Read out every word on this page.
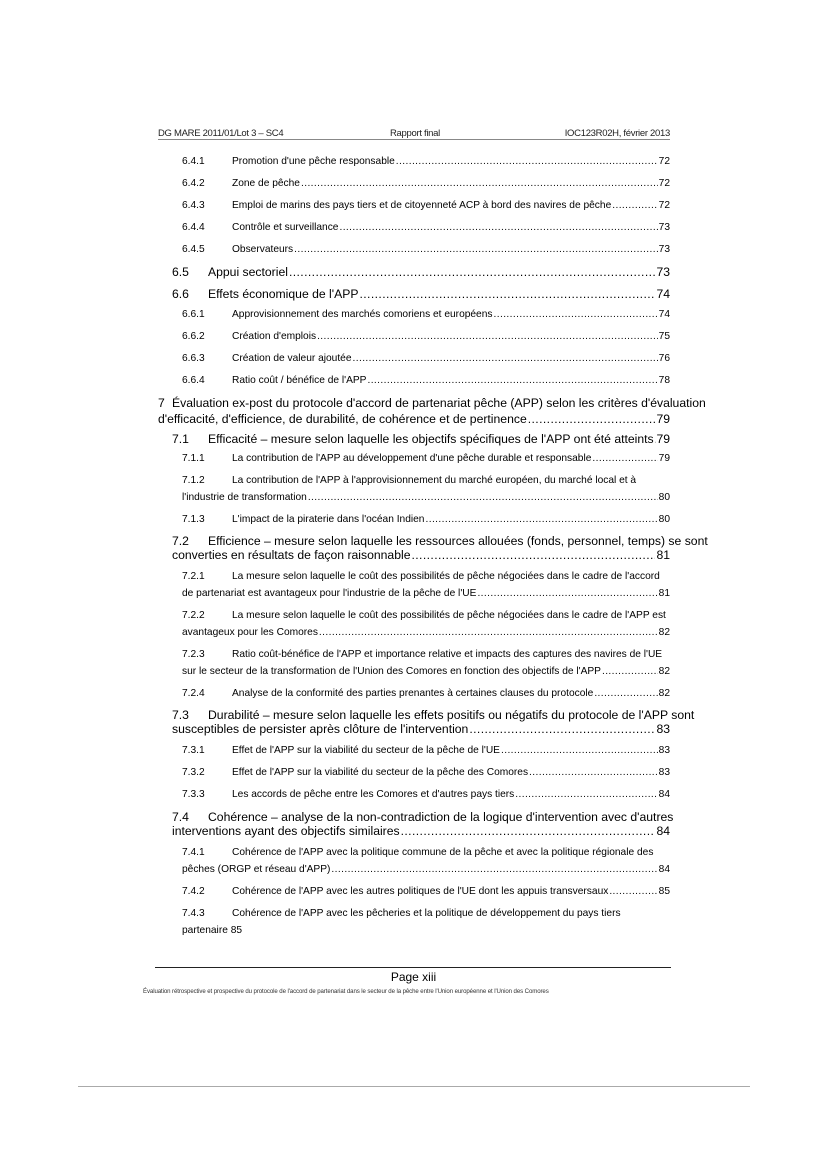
DG MARE 2011/01/Lot 3 – SC4	Rapport final	IOC123R02H, février 2013
6.4.1	Promotion d'une pêche responsable .....	72
6.4.2	Zone de pêche .....	72
6.4.3	Emploi de marins des pays tiers et de citoyenneté ACP à bord des navires de pêche .....	72
6.4.4	Contrôle et surveillance .....	73
6.4.5	Observateurs .....	73
6.5	Appui sectoriel .....	73
6.6	Effets économique de l'APP .....	74
6.6.1	Approvisionnement des marchés comoriens et européens .....	74
6.6.2	Création d'emplois .....	75
6.6.3	Création de valeur ajoutée .....	76
6.6.4	Ratio coût / bénéfice de l'APP .....	78
7 Évaluation ex-post du protocole d'accord de partenariat pêche (APP) selon les critères d'évaluation
d'efficacité, d'efficience, de durabilité, de cohérence et de pertinence .....	79
7.1	Efficacité – mesure selon laquelle les objectifs spécifiques de l'APP ont été atteints ..... 79
7.1.1	La contribution de l'APP au développement d'une pêche durable et responsable .....	79
7.1.2	La contribution de l'APP à l'approvisionnement du marché européen, du marché local et à
l'industrie de transformation .....	80
7.1.3	L'impact de la piraterie dans l'océan Indien .....	80
7.2	Efficience – mesure selon laquelle les ressources allouées (fonds, personnel, temps) se sont
converties en résultats de façon raisonnable .....	81
7.2.1	La mesure selon laquelle le coût des possibilités de pêche négociées dans le cadre de l'accord
de partenariat est avantageux pour l'industrie de la pêche de l'UE .....	81
7.2.2	La mesure selon laquelle le coût des possibilités de pêche négociées dans le cadre de l'APP est
avantageux pour les Comores .....	82
7.2.3	Ratio coût-bénéfice de l'APP et importance relative et impacts des captures des navires de l'UE
sur le secteur de la transformation de l'Union des Comores en fonction des objectifs de l'APP .....	82
7.2.4	Analyse de la conformité des parties prenantes à certaines clauses du protocole .....	82
7.3	Durabilité – mesure selon laquelle les effets positifs ou négatifs du protocole de l'APP sont
susceptibles de persister après clôture de l'intervention .....	83
7.3.1	Effet de l'APP sur la viabilité du secteur de la pêche de l'UE .....	83
7.3.2	Effet de l'APP sur la viabilité du secteur de la pêche des Comores .....	83
7.3.3	Les accords de pêche entre les Comores et d'autres pays tiers .....	84
7.4	Cohérence – analyse de la non-contradiction de la logique d'intervention avec d'autres
interventions ayant des objectifs similaires .....	84
7.4.1	Cohérence de l'APP avec la politique commune de la pêche et avec la politique régionale des
pêches (ORGP et réseau d'APP) .....	84
7.4.2	Cohérence de l'APP avec les autres politiques de l'UE dont les appuis transversaux .....	85
7.4.3	Cohérence de l'APP avec les pêcheries et la politique de développement du pays tiers
partenaire 85
Page xiii
Évaluation rétrospective et prospective du protocole de l'accord de partenariat dans le secteur de la pêche entre l'Union européenne et l'Union des Comores
